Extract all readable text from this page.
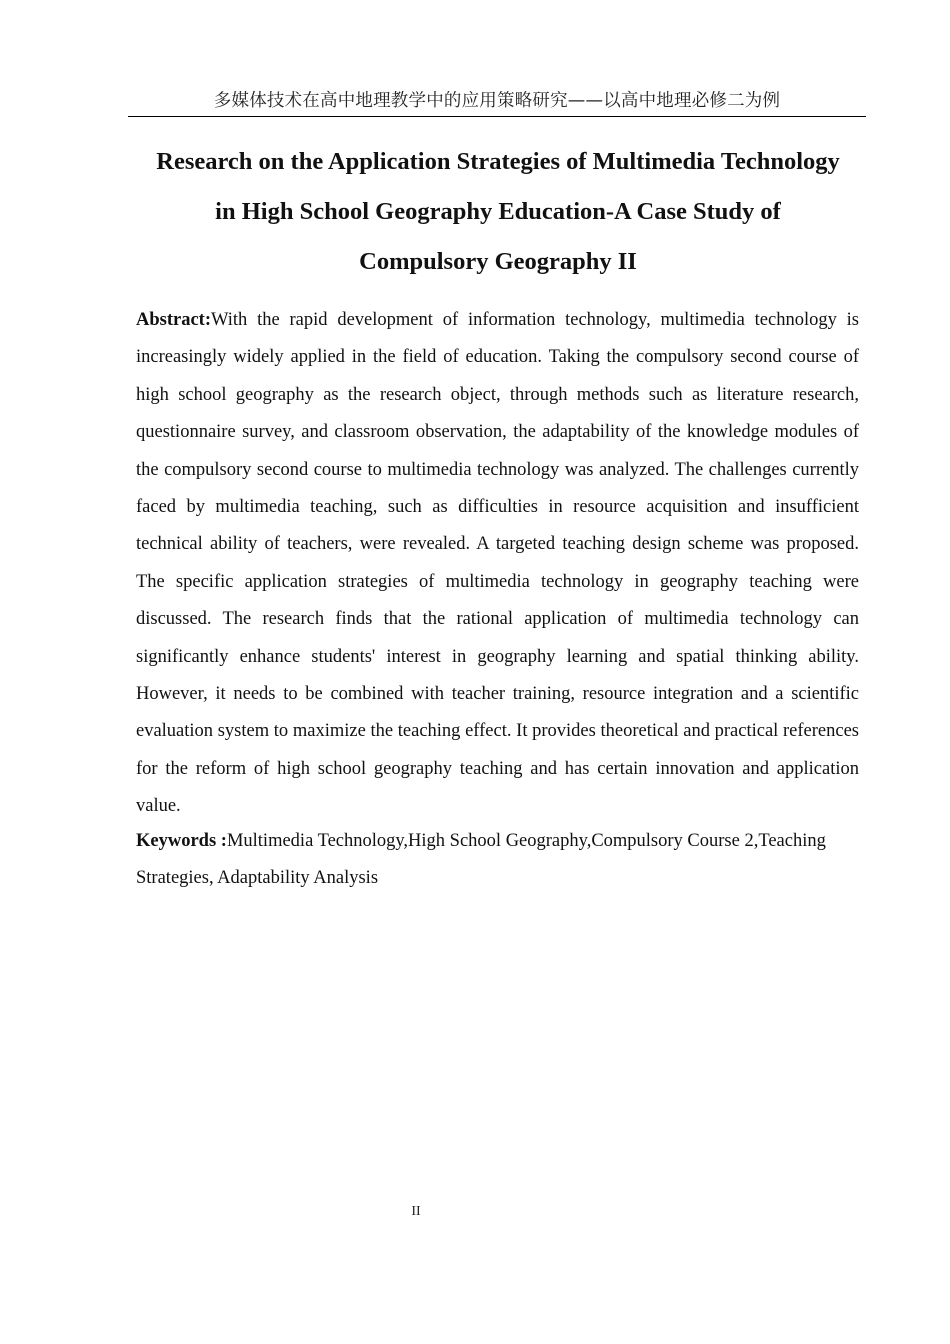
多媒体技术在高中地理教学中的应用策略研究——以高中地理必修二为例
Research on the Application Strategies of Multimedia Technology
in High School Geography Education-A Case Study of
Compulsory Geography II

Abstract:With the rapid development of information technology, multimedia technology is increasingly widely applied in the field of education. Taking the compulsory second course of high school geography as the research object, through methods such as literature research, questionnaire survey, and classroom observation, the adaptability of the knowledge modules of the compulsory second course to multimedia technology was analyzed. The challenges currently faced by multimedia teaching, such as difficulties in resource acquisition and insufficient technical ability of teachers, were revealed. A targeted teaching design scheme was proposed. The specific application strategies of multimedia technology in geography teaching were discussed. The research finds that the rational application of multimedia technology can significantly enhance students' interest in geography learning and spatial thinking ability. However, it needs to be combined with teacher training, resource integration and a scientific evaluation system to maximize the teaching effect. It provides theoretical and practical references for the reform of high school geography teaching and has certain innovation and application value.

Keywords :Multimedia Technology,High School Geography,Compulsory Course 2,Teaching Strategies, Adaptability Analysis

II
